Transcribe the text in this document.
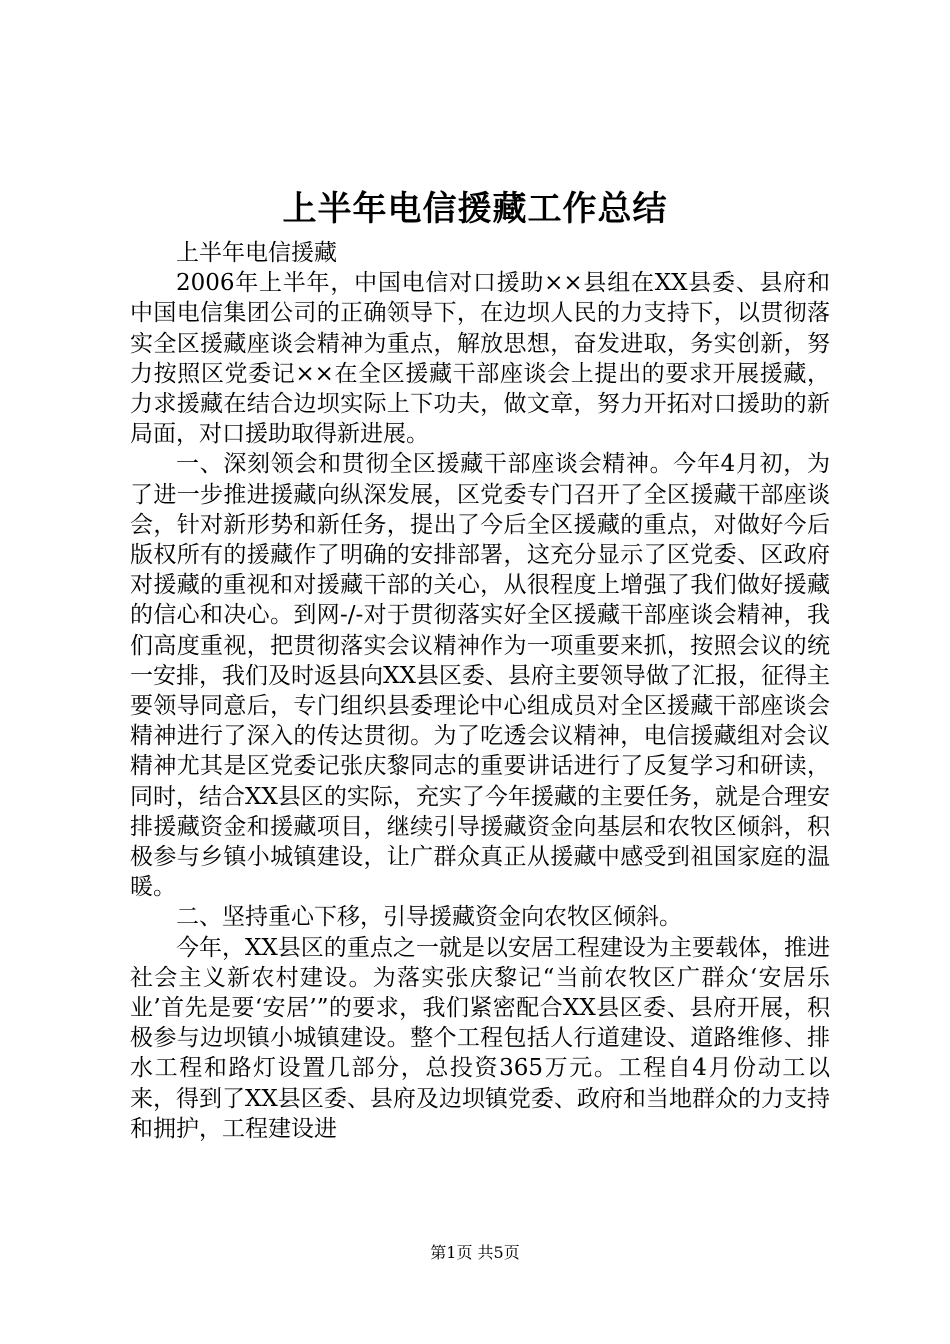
上半年电信援藏工作总结

上半年电信援藏

2006年上半年，中国电信对口援助××县组在XX县委、县府和中国电信集团公司的正确领导下，在边坝人民的力支持下，以贯彻落实全区援藏座谈会精神为重点，解放思想，奋发进取，务实创新，努力按照区党委记××在全区援藏干部座谈会上提出的要求开展援藏，力求援藏在结合边坝实际上下功夫，做文章，努力开拓对口援助的新局面，对口援助取得新进展。

一、深刻领会和贯彻全区援藏干部座谈会精神。今年4月初，为了进一步推进援藏向纵深发展，区党委专门召开了全区援藏干部座谈会，针对新形势和新任务，提出了今后全区援藏的重点，对做好今后版权所有的援藏作了明确的安排部署，这充分显示了区党委、区政府对援藏的重视和对援藏干部的关心，从很程度上增强了我们做好援藏的信心和决心。到网-/-对于贯彻落实好全区援藏干部座谈会精神，我们高度重视，把贯彻落实会议精神作为一项重要来抓，按照会议的统一安排，我们及时返县向XX县区委、县府主要领导做了汇报，征得主要领导同意后，专门组织县委理论中心组成员对全区援藏干部座谈会精神进行了深入的传达贯彻。为了吃透会议精神，电信援藏组对会议精神尤其是区党委记张庆黎同志的重要讲话进行了反复学习和研读，同时，结合XX县区的实际，充实了今年援藏的主要任务，就是合理安排援藏资金和援藏项目，继续引导援藏资金向基层和农牧区倾斜，积极参与乡镇小城镇建设，让广群众真正从援藏中感受到祖国家庭的温暖。

二、坚持重心下移，引导援藏资金向农牧区倾斜。

今年，XX县区的重点之一就是以安居工程建设为主要载体，推进社会主义新农村建设。为落实张庆黎记“当前农牧区广群众‘安居乐业’首先是要‘安居’”的要求，我们紧密配合XX县区委、县府开展，积极参与边坝镇小城镇建设。整个工程包括人行道建设、道路维修、排水工程和路灯设置几部分，总投资365万元。工程自4月份动工以来，得到了XX县区委、县府及边坝镇党委、政府和当地群众的力支持和拥护，工程建设进

第1页 共5页
